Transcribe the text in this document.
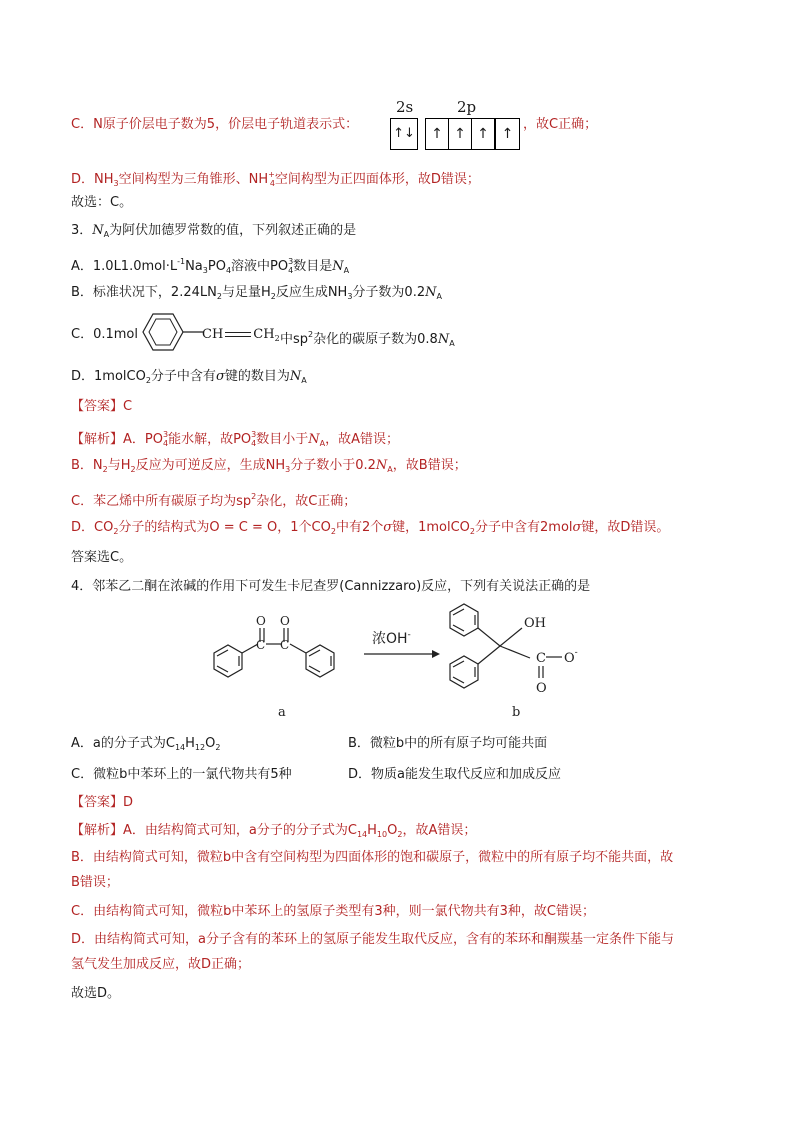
C．N原子价层电子数为5，价层电子轨道表示式：
2s	2p
↑↓	↑ ↑ ↑ ↑
，故C正确；
D．$NH_3$空间构型为三角锥形、$NH^+_4$空间构型为正四面体形，故D错误；
故选：C。
3．$N_A$为阿伏加德罗常数的值，下列叙述正确的是
A．$1.0L1.0mol\cdot L^{-1}Na_3PO_4$溶液中$PO^{3-}_4$数目是$N_A$
B．标准状况下，$2.24LN_2$与足量$H_2$反应生成$NH_3$分子数为$0.2N_A$
C．0.1mol	CH $CH_2$ 中$sp^2$杂化的碳原子数为$0.8N_A$
D．1molCO$_2$分子中含有σ键的数目为$N_A$
【答案】C
【解析】A．$PO^{3-}_4$能水解，故$PO^{3-}_4$数目小于$N_A$，故A错误；
B．$N_2$与$H_2$反应为可逆反应，生成$NH_3$分子数小于$0.2N_A$，故B错误；
C．苯乙烯中所有碳原子均为$sp^2$杂化，故C正确；
D．$CO_2$分子的结构式为O = C = O，1个$CO_2$中有2个σ键，1molCO$_2$分子中含有2molσ键，故D错误。
答案选C。
4．邻苯乙二酮在浓碱的作用下可发生卡尼查罗(Cannizzaro)反应，下列有关说法正确的是
O O
C C
a
浓OH-
OH
C O-
O
b
A．a的分子式为$C_{14}H_{12}O_2$	B．微粒b中的所有原子均可能共面
C．微粒b中苯环上的一氯代物共有5种	D．物质a能发生取代反应和加成反应
【答案】D
【解析】A．由结构简式可知，a分子的分子式为$C_{14}H_{10}O_2$，故A错误；
B．由结构简式可知，微粒b中含有空间构型为四面体形的饱和碳原子，微粒中的所有原子均不能共面，故
B错误；
C．由结构简式可知，微粒b中苯环上的氢原子类型有3种，则一氯代物共有3种，故C错误；
D．由结构简式可知，a分子含有的苯环上的氢原子能发生取代反应，含有的苯环和酮羰基一定条件下能与
氢气发生加成反应，故D正确；
故选D。
